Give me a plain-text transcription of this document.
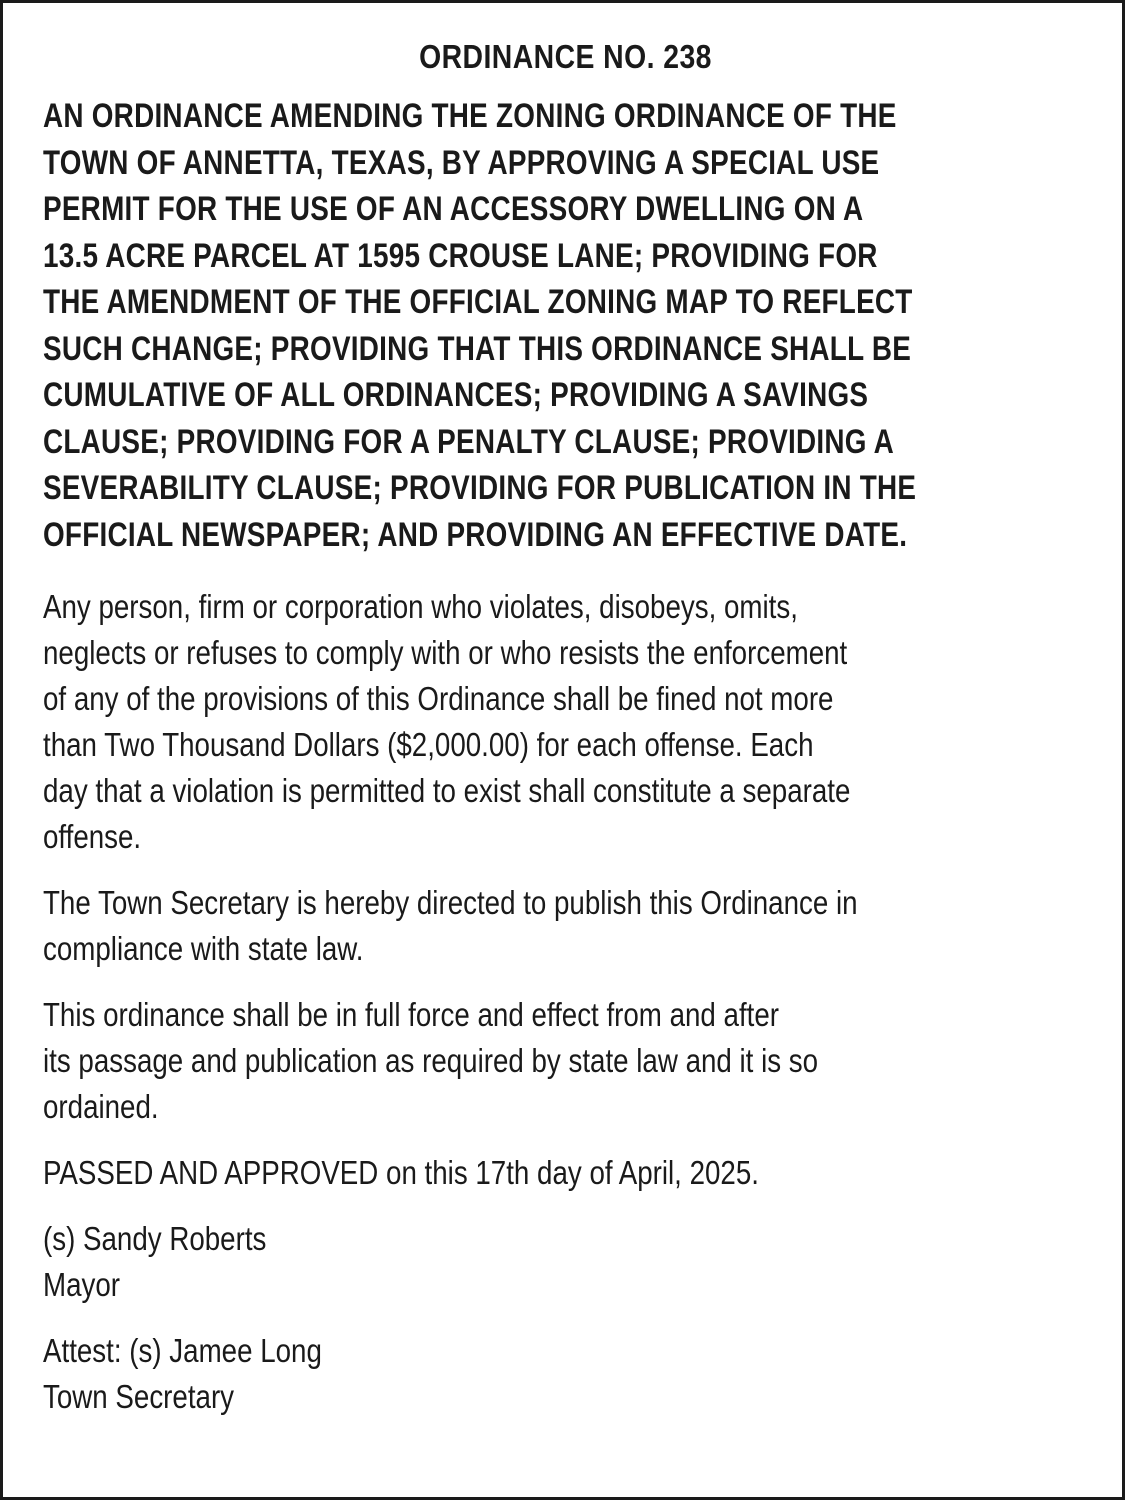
ORDINANCE NO. 238
AN ORDINANCE AMENDING THE ZONING ORDINANCE OF THE
TOWN OF ANNETTA, TEXAS, BY APPROVING A SPECIAL USE
PERMIT FOR THE USE OF AN ACCESSORY DWELLING ON A
13.5 ACRE PARCEL AT 1595 CROUSE LANE; PROVIDING FOR
THE AMENDMENT OF THE OFFICIAL ZONING MAP TO REFLECT
SUCH CHANGE; PROVIDING THAT THIS ORDINANCE SHALL BE
CUMULATIVE OF ALL ORDINANCES; PROVIDING A SAVINGS
CLAUSE; PROVIDING FOR A PENALTY CLAUSE; PROVIDING A
SEVERABILITY CLAUSE; PROVIDING FOR PUBLICATION IN THE
OFFICIAL NEWSPAPER; AND PROVIDING AN EFFECTIVE DATE.
Any person, firm or corporation who violates, disobeys, omits,
neglects or refuses to comply with or who resists the enforcement
of any of the provisions of this Ordinance shall be fined not more
than Two Thousand Dollars ($2,000.00) for each offense. Each
day that a violation is permitted to exist shall constitute a separate
offense.
The Town Secretary is hereby directed to publish this Ordinance in
compliance with state law.
This ordinance shall be in full force and effect from and after
its passage and publication as required by state law and it is so
ordained.
PASSED AND APPROVED on this 17th day of April, 2025.
(s) Sandy Roberts
Mayor
Attest: (s) Jamee Long
Town Secretary
